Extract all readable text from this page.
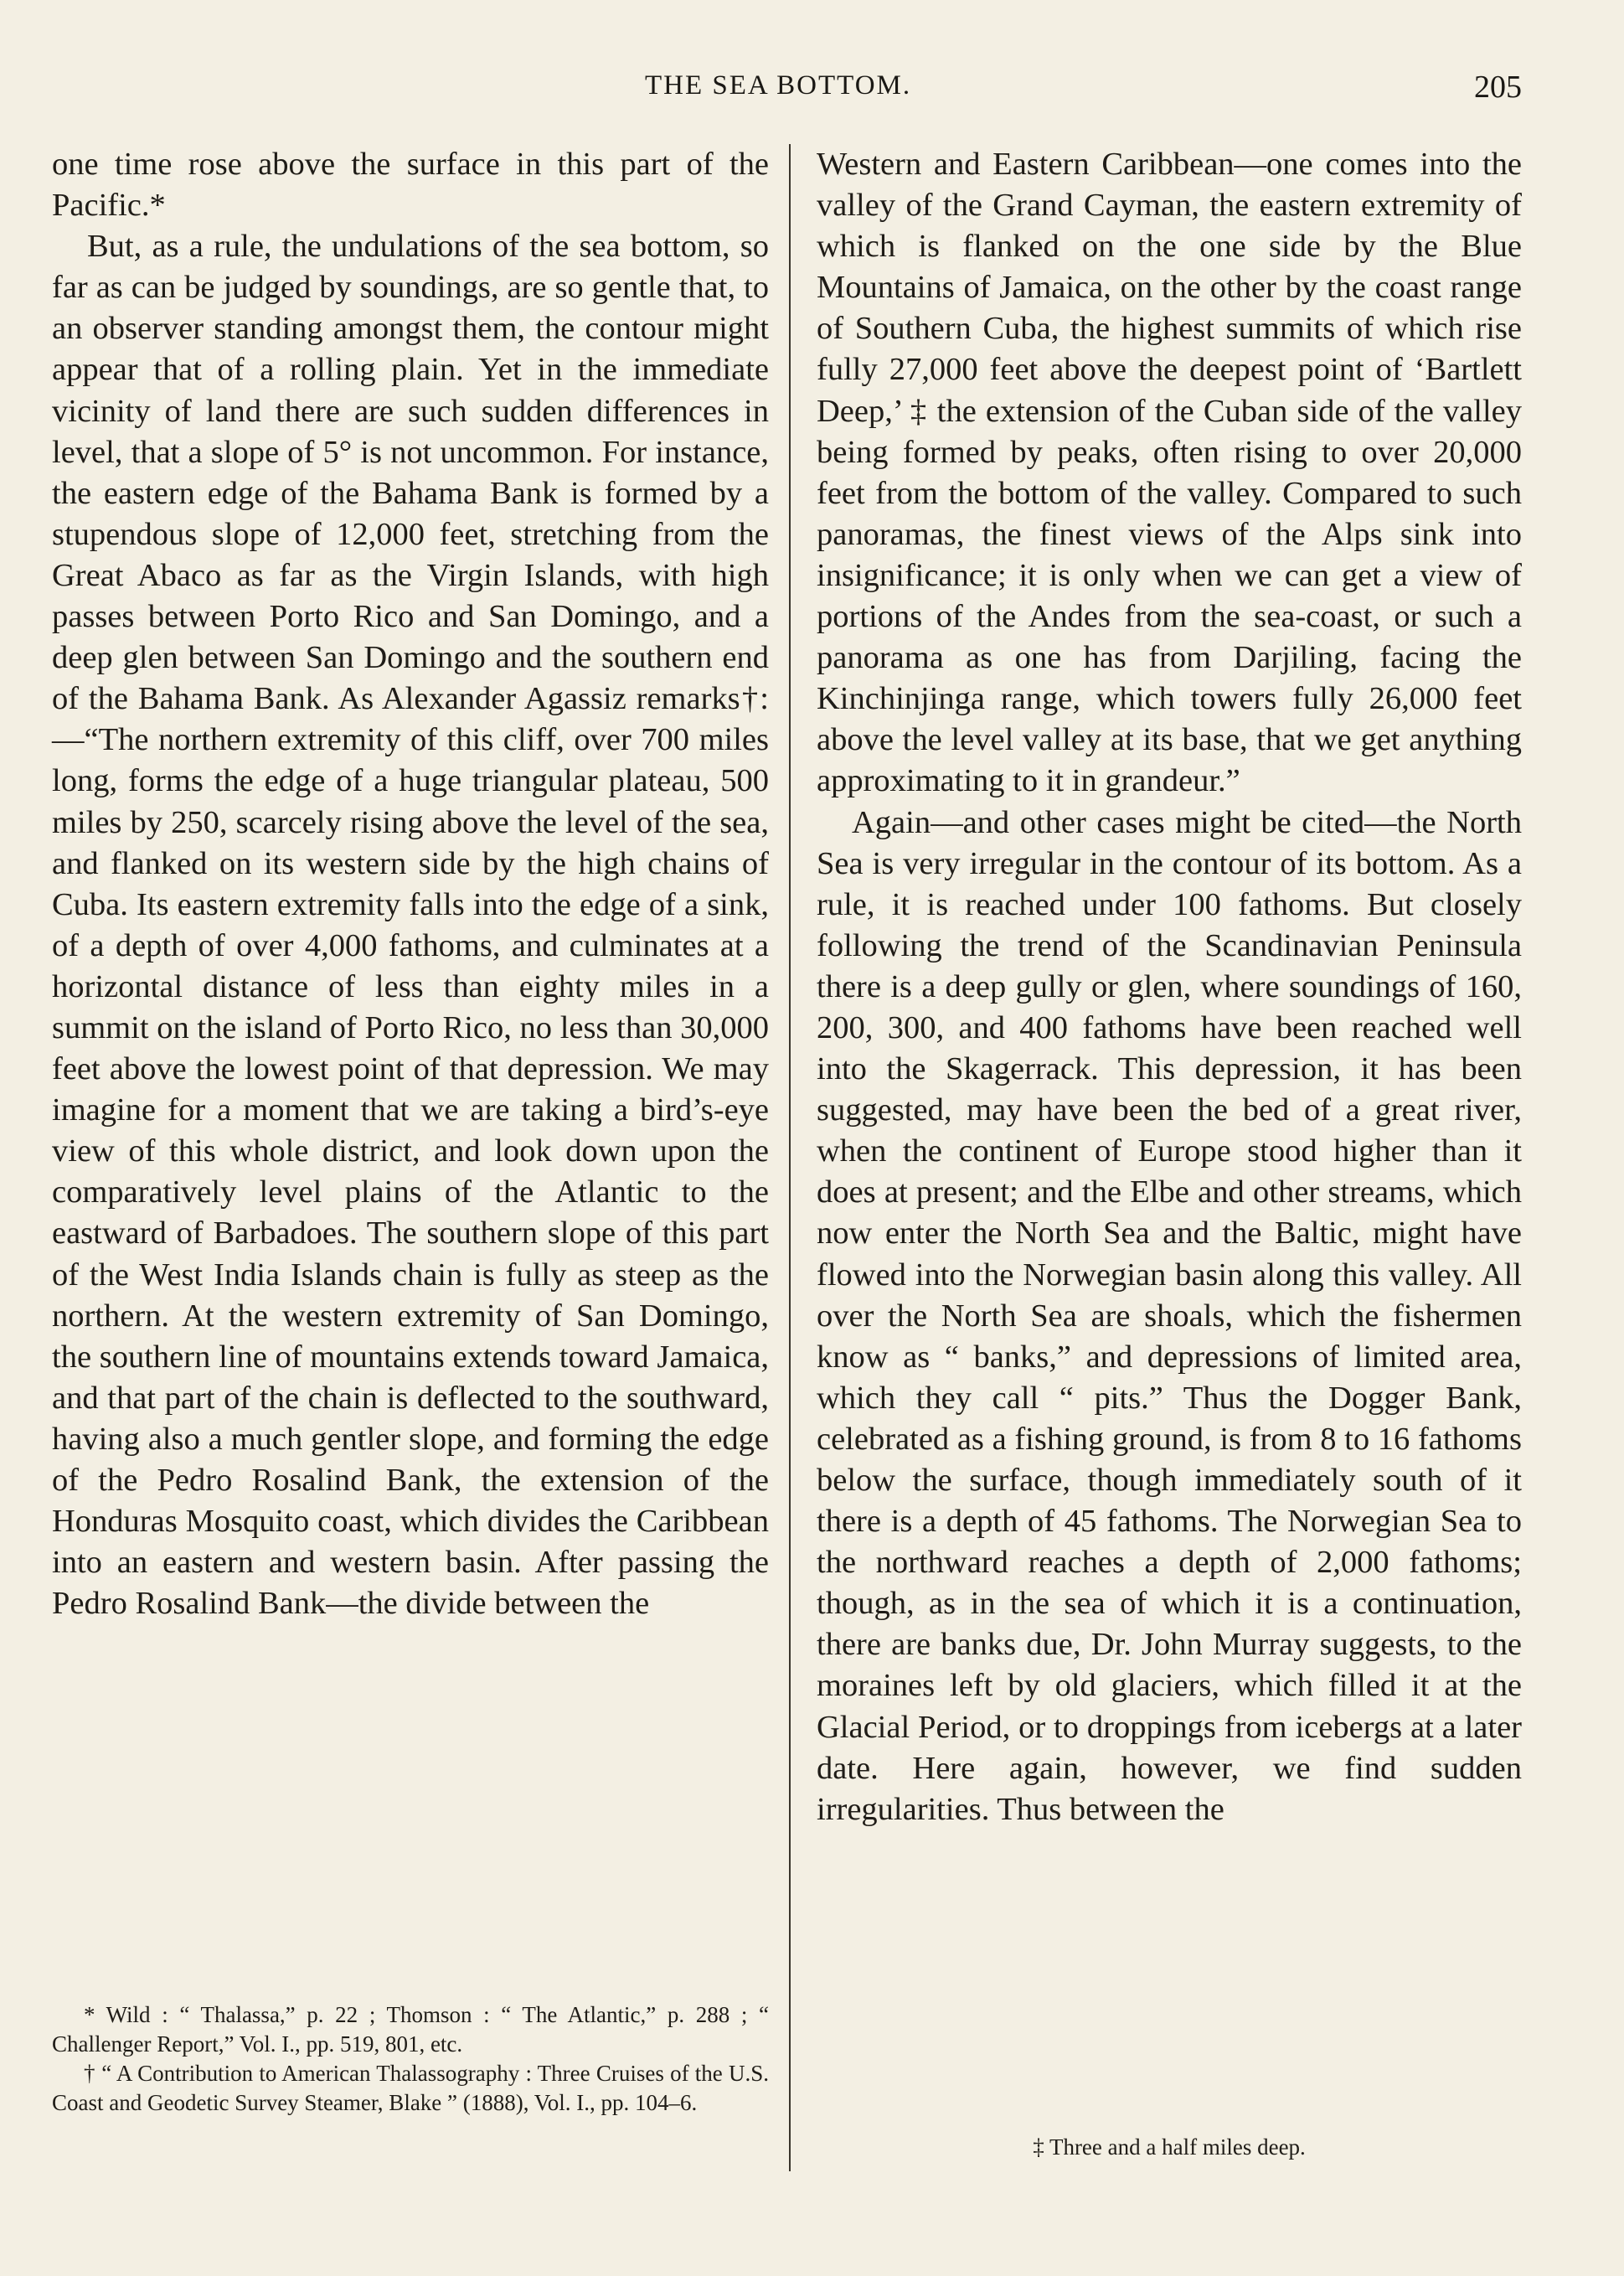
THE SEA BOTTOM.	205

one time rose above the surface in this part of the Pacific.*

But, as a rule, the undulations of the sea bottom, so far as can be judged by soundings, are so gentle that, to an observer standing amongst them, the contour might appear that of a rolling plain. Yet in the immediate vicinity of land there are such sudden differences in level, that a slope of 5° is not uncommon. For instance, the eastern edge of the Bahama Bank is formed by a stupendous slope of 12,000 feet, stretching from the Great Abaco as far as the Virgin Islands, with high passes between Porto Rico and San Domingo, and a deep glen between San Domingo and the southern end of the Bahama Bank. As Alexander Agassiz remarks†:—“The northern extremity of this cliff, over 700 miles long, forms the edge of a huge triangular plateau, 500 miles by 250, scarcely rising above the level of the sea, and flanked on its western side by the high chains of Cuba. Its eastern extremity falls into the edge of a sink, of a depth of over 4,000 fathoms, and culminates at a horizontal distance of less than eighty miles in a summit on the island of Porto Rico, no less than 30,000 feet above the lowest point of that depression. We may imagine for a moment that we are taking a bird’s-eye view of this whole district, and look down upon the comparatively level plains of the Atlantic to the eastward of Barbadoes. The southern slope of this part of the West India Islands chain is fully as steep as the northern. At the western extremity of San Domingo, the southern line of mountains extends toward Jamaica, and that part of the chain is deflected to the southward, having also a much gentler slope, and forming the edge of the Pedro Rosalind Bank, the extension of the Honduras Mosquito coast, which divides the Caribbean into an eastern and western basin. After passing the Pedro Rosalind Bank—the divide between the

Western and Eastern Caribbean—one comes into the valley of the Grand Cayman, the eastern extremity of which is flanked on the one side by the Blue Mountains of Jamaica, on the other by the coast range of Southern Cuba, the highest summits of which rise fully 27,000 feet above the deepest point of ‘Bartlett Deep,’ ‡ the extension of the Cuban side of the valley being formed by peaks, often rising to over 20,000 feet from the bottom of the valley. Compared to such panoramas, the finest views of the Alps sink into insignificance; it is only when we can get a view of portions of the Andes from the sea-coast, or such a panorama as one has from Darjiling, facing the Kinchinjinga range, which towers fully 26,000 feet above the level valley at its base, that we get anything approximating to it in grandeur.”

Again—and other cases might be cited—the North Sea is very irregular in the contour of its bottom. As a rule, it is reached under 100 fathoms. But closely following the trend of the Scandinavian Peninsula there is a deep gully or glen, where soundings of 160, 200, 300, and 400 fathoms have been reached well into the Skagerrack. This depression, it has been suggested, may have been the bed of a great river, when the continent of Europe stood higher than it does at present; and the Elbe and other streams, which now enter the North Sea and the Baltic, might have flowed into the Norwegian basin along this valley. All over the North Sea are shoals, which the fishermen know as “ banks,” and depressions of limited area, which they call “ pits.” Thus the Dogger Bank, celebrated as a fishing ground, is from 8 to 16 fathoms below the surface, though immediately south of it there is a depth of 45 fathoms. The Norwegian Sea to the northward reaches a depth of 2,000 fathoms; though, as in the sea of which it is a continuation, there are banks due, Dr. John Murray suggests, to the moraines left by old glaciers, which filled it at the Glacial Period, or to droppings from icebergs at a later date. Here again, however, we find sudden irregularities. Thus between the

* Wild : “ Thalassa,” p. 22 ; Thomson : “ The Atlantic,” p. 288 ; “ Challenger Report,” Vol. I., pp. 519, 801, etc.

† “ A Contribution to American Thalassography : Three Cruises of the U.S. Coast and Geodetic Survey Steamer, Blake ” (1888), Vol. I., pp. 104–6.

‡ Three and a half miles deep.
